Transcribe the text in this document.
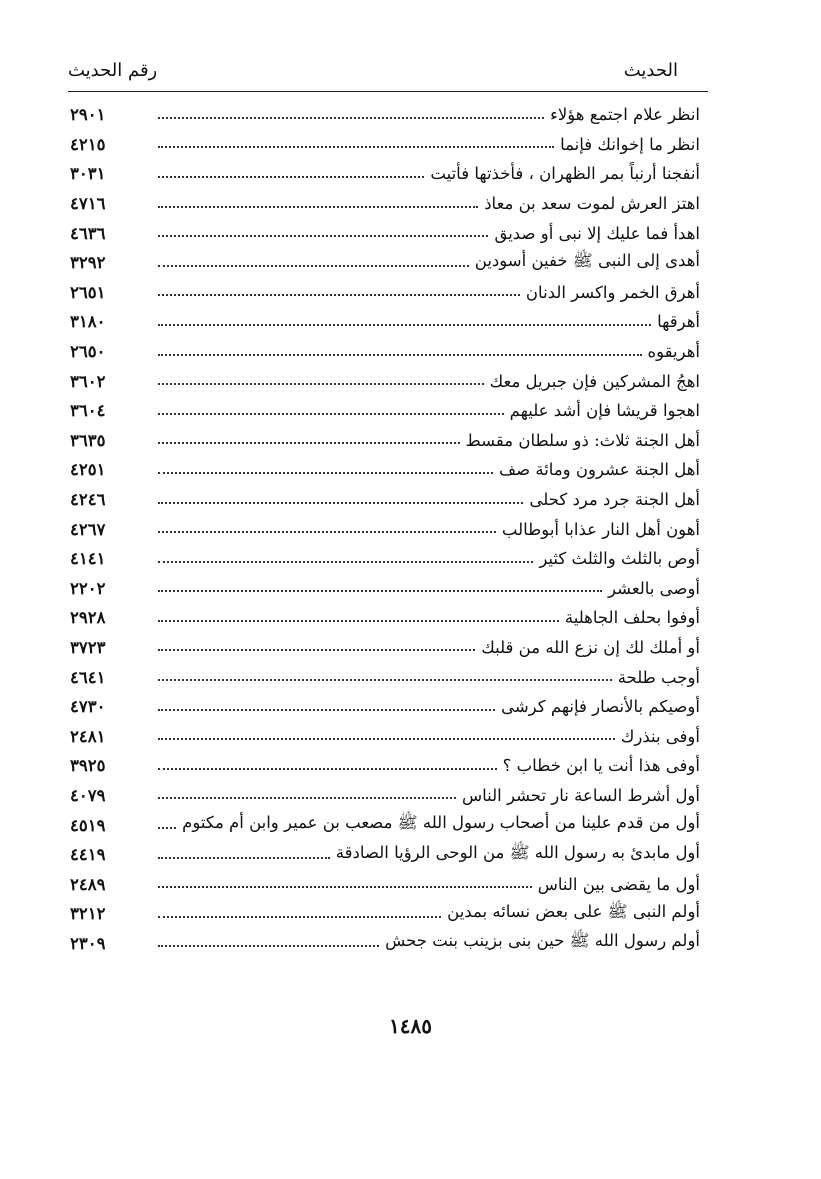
الحديث
رقم الحديث
انظر علام اجتمع هؤلاء
٢٩٠١
انظر ما إخوانك فإنما
٤٢١٥
أنفجنا أرنباً بمر الظهران ، فأخذتها فأتيت
٣٠٣١
اهتز العرش لموت سعد بن معاذ
٤٧١٦
اهدأ فما عليك إلا نبى أو صديق
٤٦٣٦
أهدى إلى النبى ﷺ خفين أسودين
٣٢٩٢
أهرق الخمر واكسر الدنان
٢٦٥١
أهرقها
٣١٨٠
أهريقوه
٢٦٥٠
اهجُ المشركين فإن جبريل معك
٣٦٠٢
اهجوا قريشا فإن أشد عليهم
٣٦٠٤
أهل الجنة ثلاث: ذو سلطان مقسط
٣٦٣٥
أهل الجنة عشرون ومائة صف
٤٢٥١
أهل الجنة جرد مرد كحلى
٤٢٤٦
أهون أهل النار عذابا أبوطالب
٤٢٦٧
أوص بالثلث والثلث كثير
٤١٤١
أوصى بالعشر
٢٢٠٢
أوفوا بحلف الجاهلية
٢٩٢٨
أو أملك لك إن نزع الله من قلبك
٣٧٢٣
أوجب طلحة
٤٦٤١
أوصيكم بالأنصار فإنهم كرشى
٤٧٣٠
أوفى بنذرك
٢٤٨١
أوفى هذا أنت يا ابن خطاب ؟
٣٩٢٥
أول أشرط الساعة نار تحشر الناس
٤٠٧٩
أول من قدم علينا من أصحاب رسول الله ﷺ مصعب بن عمير وابن أم مكتوم
٤٥١٩
أول مابدئ به رسول الله ﷺ من الوحى الرؤيا الصادقة
٤٤١٩
أول ما يقضى بين الناس
٢٤٨٩
أولم النبى ﷺ على بعض نسائه بمدين
٣٢١٢
أولم رسول الله ﷺ حين بنى بزينب بنت جحش
٢٣٠٩
١٤٨٥
